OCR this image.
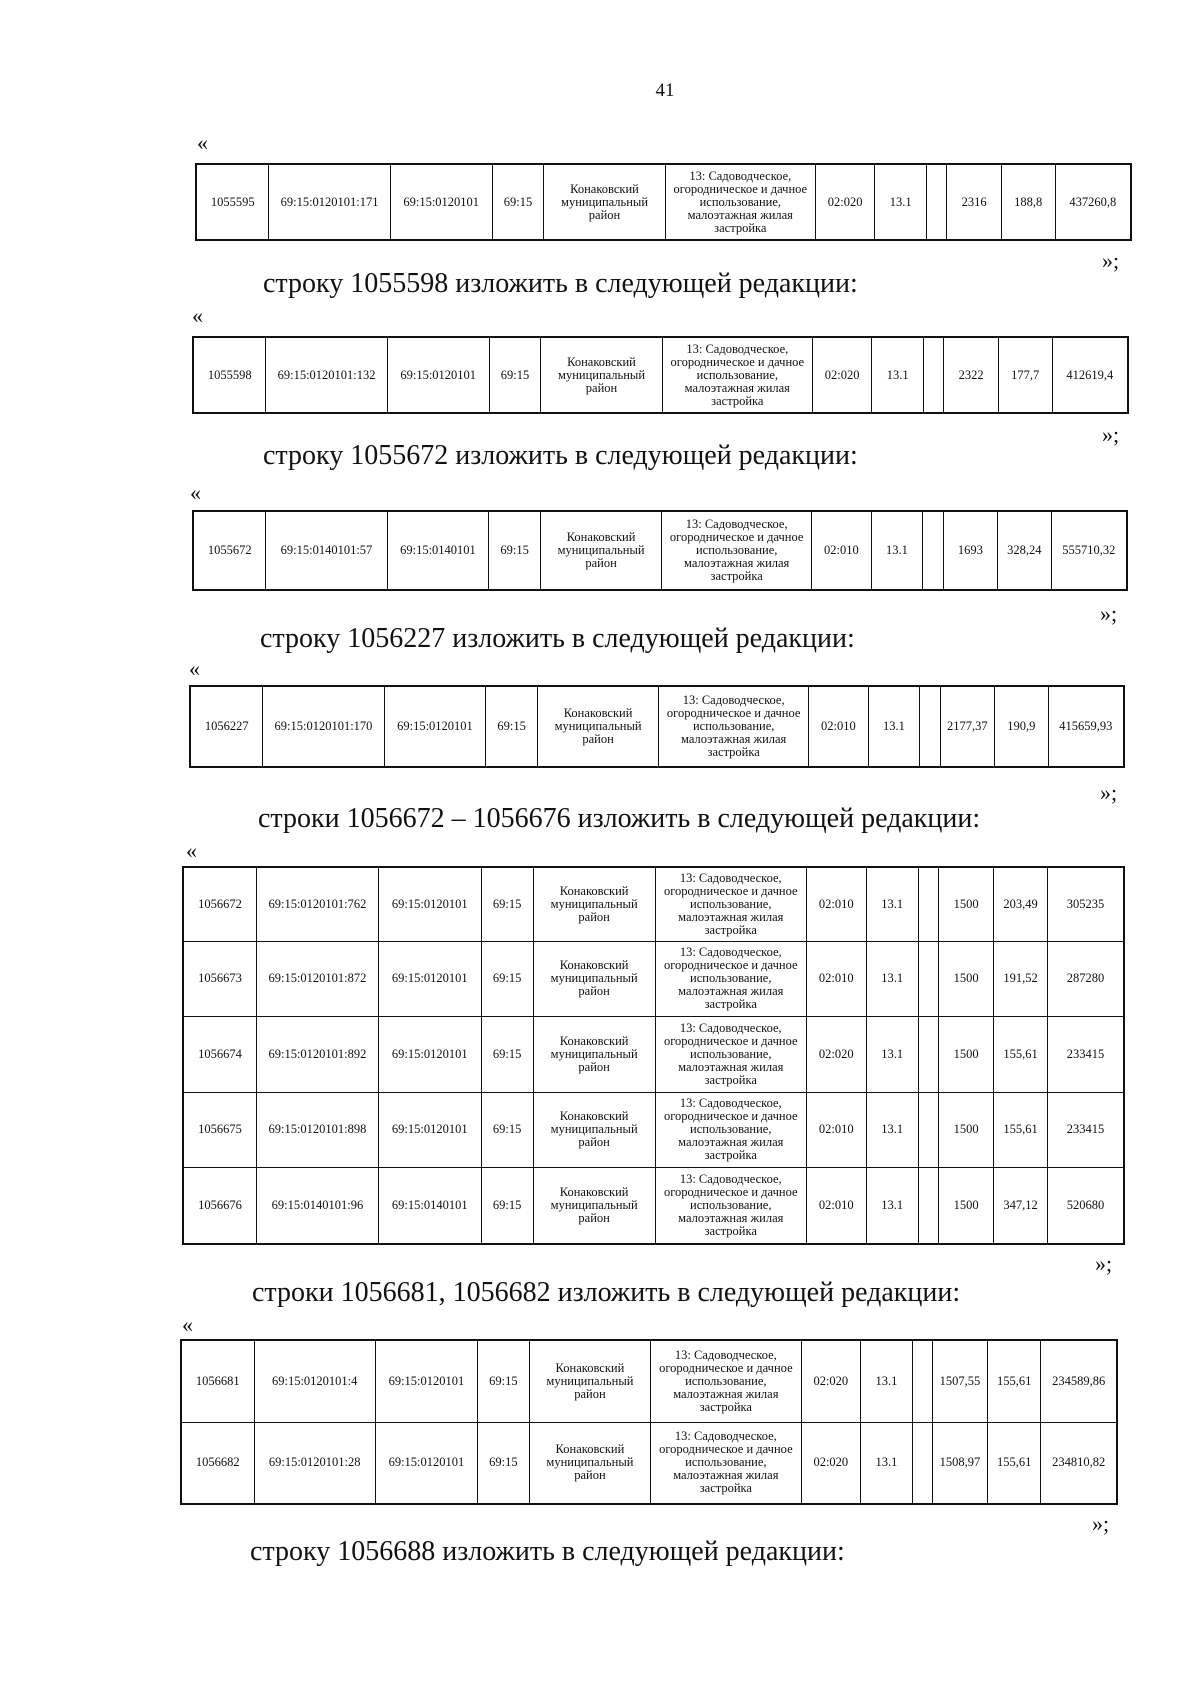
41
«
1055595	69:15:0120101:171	69:15:0120101	69:15	Конаковский муниципальный район	13: Садоводческое, огородническое и дачное использование, малоэтажная жилая застройка	02:020	13.1		2316	188,8	437260,8
»;
строку 1055598 изложить в следующей редакции:
«
1055598	69:15:0120101:132	69:15:0120101	69:15	Конаковский муниципальный район	13: Садоводческое, огородническое и дачное использование, малоэтажная жилая застройка	02:020	13.1		2322	177,7	412619,4
»;
строку 1055672 изложить в следующей редакции:
«
1055672	69:15:0140101:57	69:15:0140101	69:15	Конаковский муниципальный район	13: Садоводческое, огородническое и дачное использование, малоэтажная жилая застройка	02:010	13.1		1693	328,24	555710,32
»;
строку 1056227 изложить в следующей редакции:
«
1056227	69:15:0120101:170	69:15:0120101	69:15	Конаковский муниципальный район	13: Садоводческое, огородническое и дачное использование, малоэтажная жилая застройка	02:010	13.1		2177,37	190,9	415659,93
»;
строки 1056672 – 1056676 изложить в следующей редакции:
«
1056672	69:15:0120101:762	69:15:0120101	69:15	Конаковский муниципальный район	13: Садоводческое, огородническое и дачное использование, малоэтажная жилая застройка	02:010	13.1		1500	203,49	305235
1056673	69:15:0120101:872	69:15:0120101	69:15	Конаковский муниципальный район	13: Садоводческое, огородническое и дачное использование, малоэтажная жилая застройка	02:010	13.1		1500	191,52	287280
1056674	69:15:0120101:892	69:15:0120101	69:15	Конаковский муниципальный район	13: Садоводческое, огородническое и дачное использование, малоэтажная жилая застройка	02:020	13.1		1500	155,61	233415
1056675	69:15:0120101:898	69:15:0120101	69:15	Конаковский муниципальный район	13: Садоводческое, огородническое и дачное использование, малоэтажная жилая застройка	02:010	13.1		1500	155,61	233415
1056676	69:15:0140101:96	69:15:0140101	69:15	Конаковский муниципальный район	13: Садоводческое, огородническое и дачное использование, малоэтажная жилая застройка	02:010	13.1		1500	347,12	520680
»;
строки 1056681, 1056682 изложить в следующей редакции:
«
1056681	69:15:0120101:4	69:15:0120101	69:15	Конаковский муниципальный район	13: Садоводческое, огородническое и дачное использование, малоэтажная жилая застройка	02:020	13.1		1507,55	155,61	234589,86
1056682	69:15:0120101:28	69:15:0120101	69:15	Конаковский муниципальный район	13: Садоводческое, огородническое и дачное использование, малоэтажная жилая застройка	02:020	13.1		1508,97	155,61	234810,82
»;
строку 1056688 изложить в следующей редакции:
